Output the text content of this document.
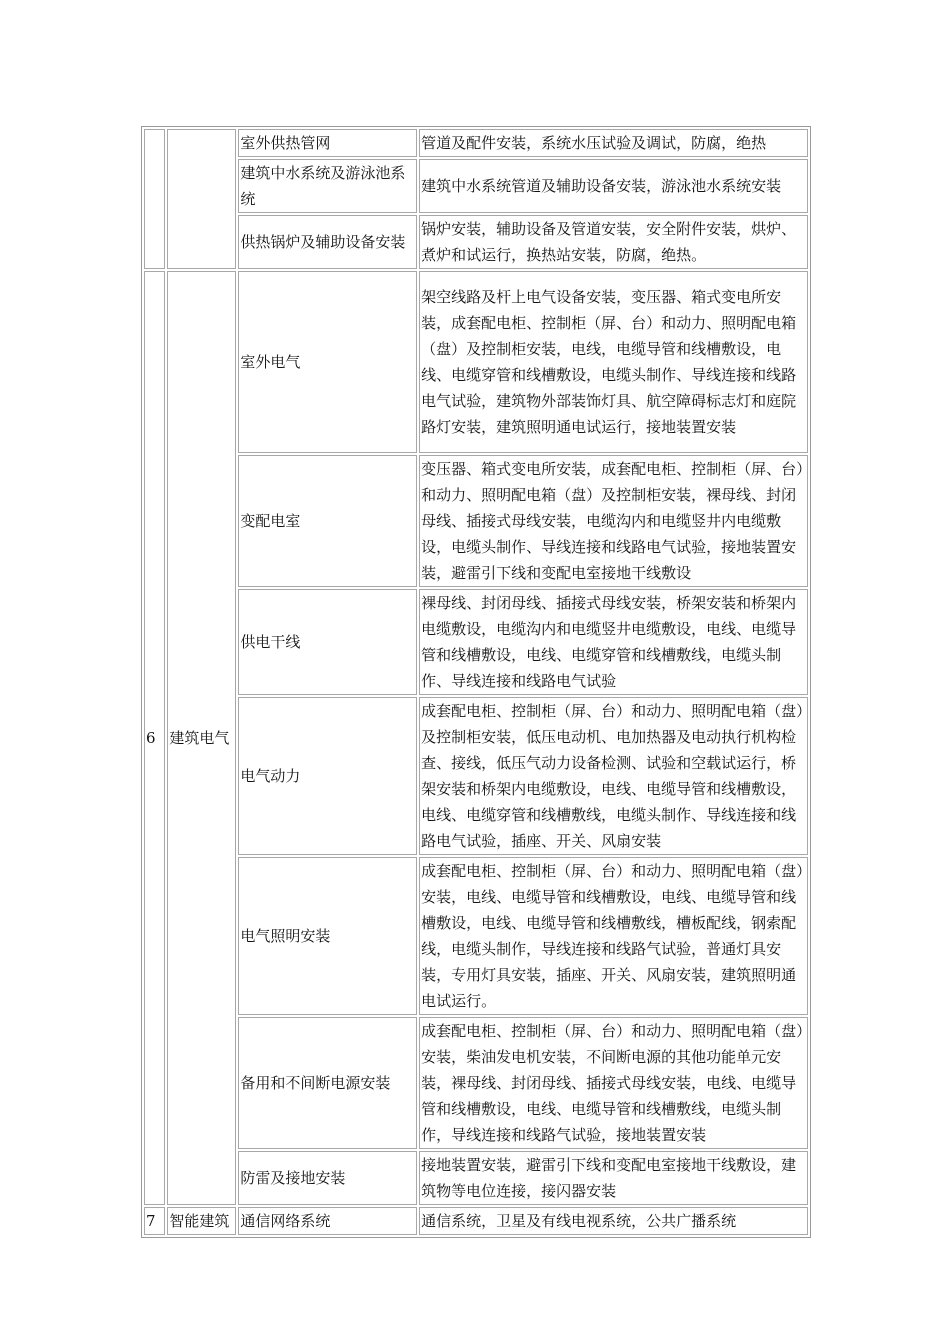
		室外供热管网	管道及配件安装，系统水压试验及调试，防腐，绝热
		建筑中水系统及游泳池系统	建筑中水系统管道及辅助设备安装，游泳池水系统安装
		供热锅炉及辅助设备安装	锅炉安装，辅助设备及管道安装，安全附件安装，烘炉、煮炉和试运行，换热站安装，防腐，绝热。
6	建筑电气	室外电气	架空线路及杆上电气设备安装，变压器、箱式变电所安装，成套配电柜、控制柜（屏、台）和动力、照明配电箱（盘）及控制柜安装，电线，电缆导管和线槽敷设，电线、电缆穿管和线槽敷设，电缆头制作、导线连接和线路电气试验，建筑物外部装饰灯具、航空障碍标志灯和庭院路灯安装，建筑照明通电试运行，接地装置安装
		变配电室	变压器、箱式变电所安装，成套配电柜、控制柜（屏、台）和动力、照明配电箱（盘）及控制柜安装，裸母线、封闭母线、插接式母线安装，电缆沟内和电缆竖井内电缆敷设，电缆头制作、导线连接和线路电气试验，接地装置安装，避雷引下线和变配电室接地干线敷设
		供电干线	裸母线、封闭母线、插接式母线安装，桥架安装和桥架内电缆敷设，电缆沟内和电缆竖井电缆敷设，电线、电缆导管和线槽敷设，电线、电缆穿管和线槽敷线，电缆头制作、导线连接和线路电气试验
		电气动力	成套配电柜、控制柜（屏、台）和动力、照明配电箱（盘）及控制柜安装，低压电动机、电加热器及电动执行机构检查、接线，低压气动力设备检测、试验和空载试运行，桥架安装和桥架内电缆敷设，电线、电缆导管和线槽敷设，电线、电缆穿管和线槽敷线，电缆头制作、导线连接和线路电气试验，插座、开关、风扇安装
		电气照明安装	成套配电柜、控制柜（屏、台）和动力、照明配电箱（盘）安装，电线、电缆导管和线槽敷设，电线、电缆导管和线槽敷设，电线、电缆导管和线槽敷线，槽板配线，钢索配线，电缆头制作，导线连接和线路气试验，普通灯具安装，专用灯具安装，插座、开关、风扇安装，建筑照明通电试运行。
		备用和不间断电源安装	成套配电柜、控制柜（屏、台）和动力、照明配电箱（盘）安装，柴油发电机安装，不间断电源的其他功能单元安装，裸母线、封闭母线、插接式母线安装，电线、电缆导管和线槽敷设，电线、电缆导管和线槽敷线，电缆头制作，导线连接和线路气试验，接地装置安装
		防雷及接地安装	接地装置安装，避雷引下线和变配电室接地干线敷设，建筑物等电位连接，接闪器安装
7	智能建筑	通信网络系统	通信系统，卫星及有线电视系统，公共广播系统
